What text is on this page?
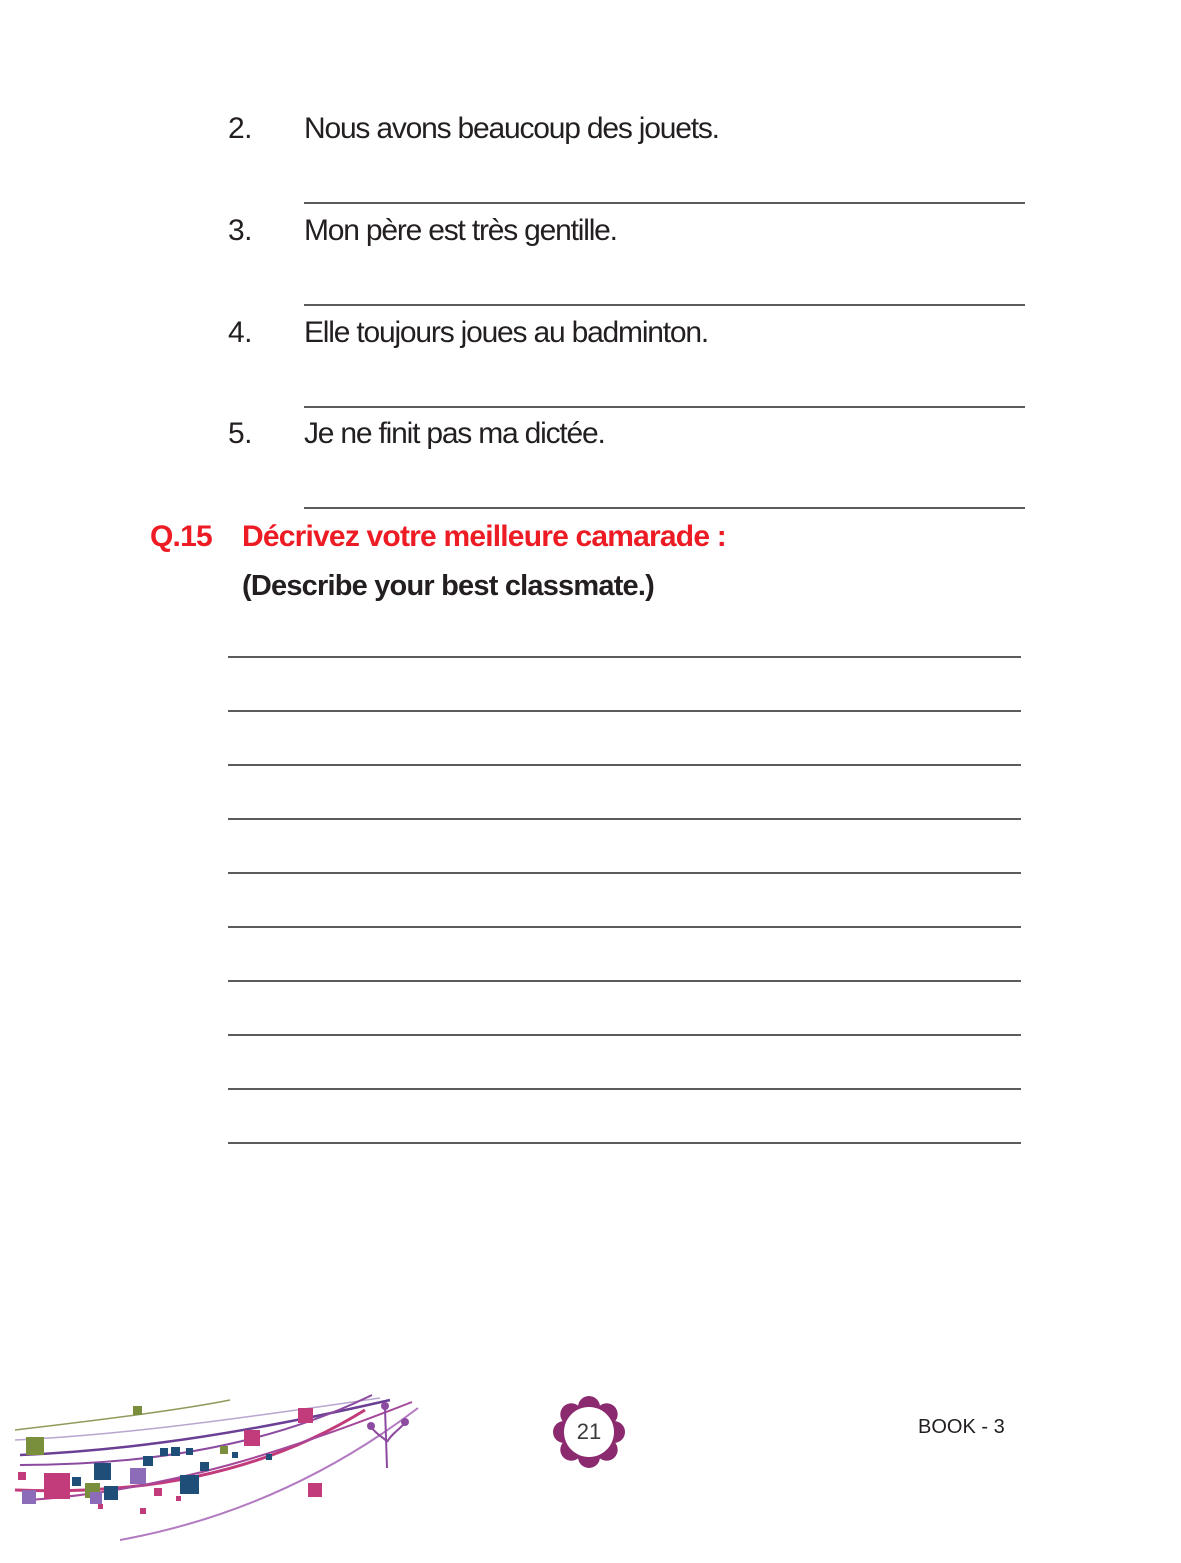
2. Nous avons beaucoup des jouets.
3. Mon père est très gentille.
4. Elle toujours joues au badminton.
5. Je ne finit pas ma dictée.
Q.15 Décrivez votre meilleure camarade :
(Describe your best classmate.)
21	BOOK - 3
